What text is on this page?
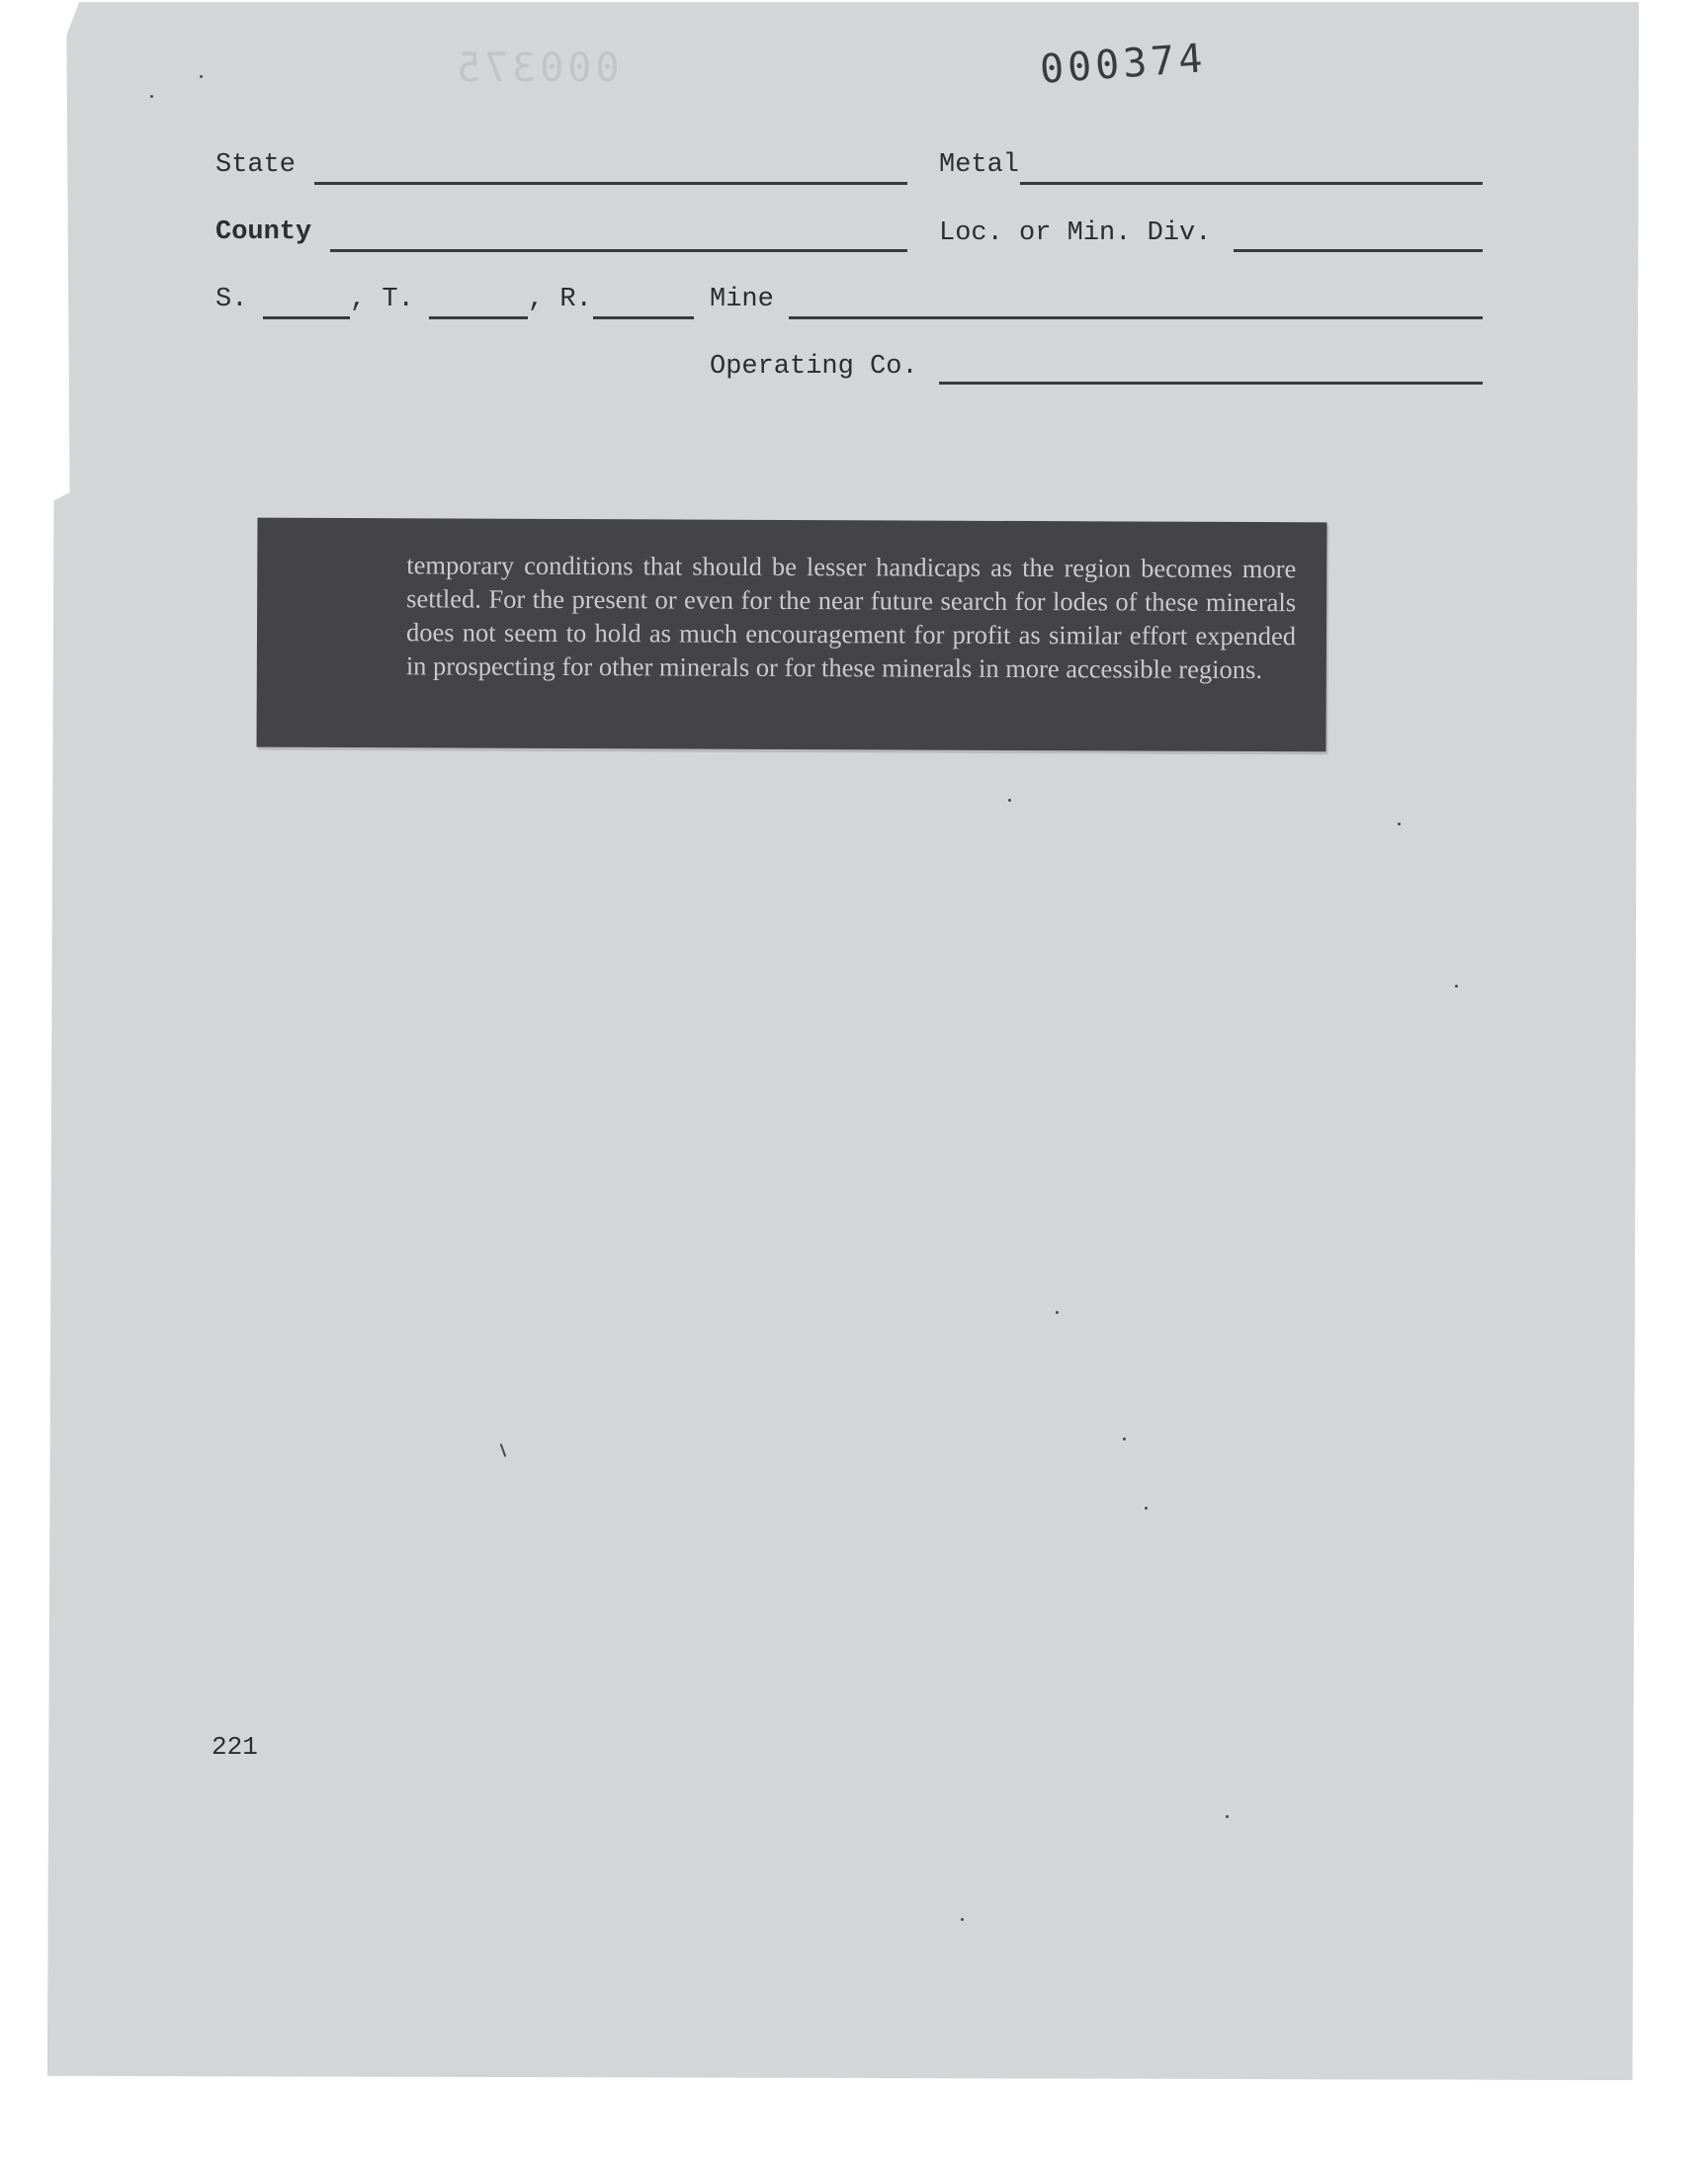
000375	000374
State	Metal
County	Loc. or Min. Div.
S.	, T.	, R.	Mine
Operating Co.

temporary conditions that should be lesser handicaps as the region becomes more settled. For the present or even for the near future search for lodes of these minerals does not seem to hold as much encouragement for profit as similar effort expended in prospecting for other minerals or for these minerals in more accessible regions.

221
